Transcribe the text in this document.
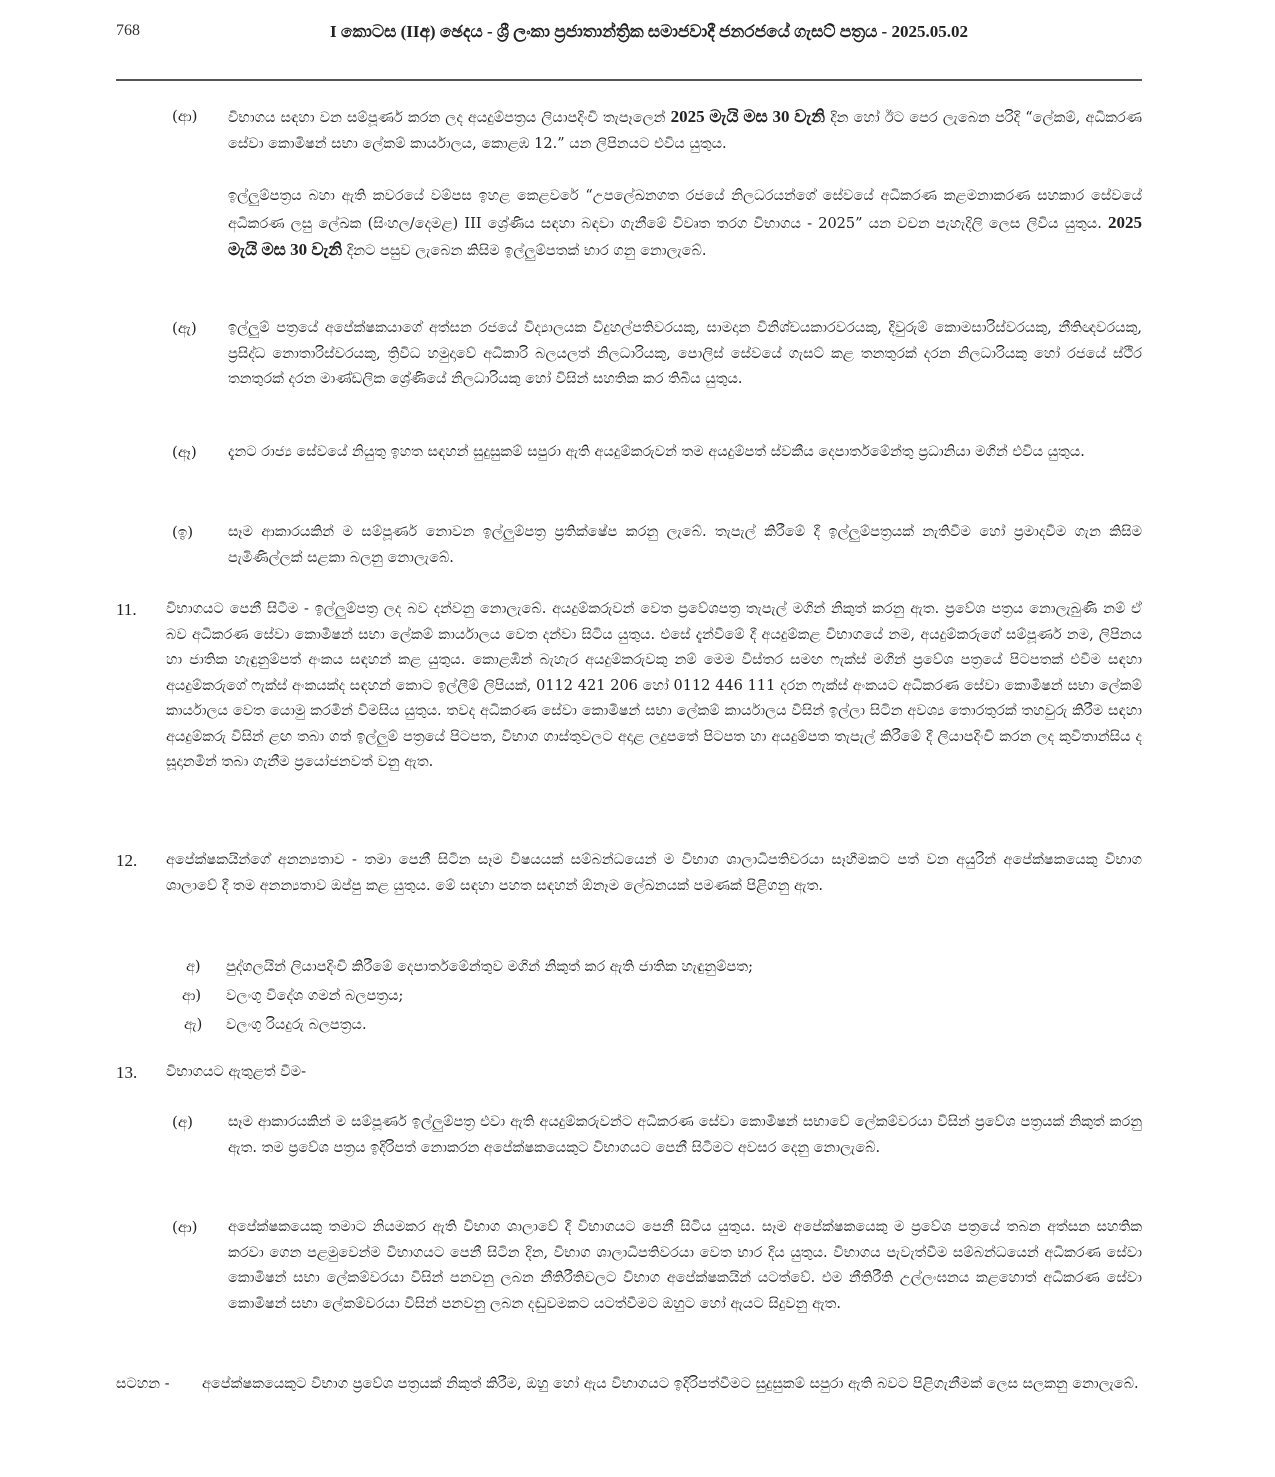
768	I කොටස (IIඅ) ඡෙදය - ශ්‍රී ලංකා ප්‍රජාතාන්ත්‍රික සමාජවාදී ජනරජයේ ගැසට් පත්‍රය - 2025.05.02
(ආ) විභාගය සඳහා වන සම්පූර්ණ කරන ලද අයදුම්පත්‍රය ලියාපදිංචි තැපෑලෙන් 2025 මැයි මස 30 වැනි දින හෝ ඊට පෙර ලැබෙන පරිදි “ලේකම්, අධිකරණ සේවා කොමිෂන් සභා ලේකම් කාර්යාලය, කොළඹ 12.” යන ලිපිනයට එවිය යුතුය.
ඉල්ලුම්පත්‍රය බහා ඇති කවරයේ වම්පස ඉහළ කෙළවරේ “උපලේඛනගත රජයේ නිලධරයන්ගේ සේවයේ අධිකරණ කළමනාකරණ සහකාර සේවයේ අධිකරණ ලසු ලේඛක (සිංහල/දෙමළ) III ශ්‍රේණිය සඳහා බඳවා ගැනීමේ විවෘත තරග විභාගය - 2025” යන වචන පැහැදිලි ලෙස ලිවිය යුතුය. 2025 මැයි මස 30 වැනි දිනට පසුව ලැබෙන කිසිම ඉල්ලුම්පතක් භාර ගනු නොලැබේ.
(ඇ) ඉල්ලුම් පත්‍රයේ අපේක්ෂකයාගේ අත්සන රජයේ විද්‍යාලයක විදුහල්පතිවරයකු, සාමදාන විනිශ්චයකාරවරයකු, දිවුරුම් කොමසාරිස්වරයකු, නීතිඥවරයකු, ප්‍රසිද්ධ නොතාරිස්වරයකු, ත්‍රිවිධ හමුදාවේ අධිකාරි බලයලත් නිලධාරියකු, පොලිස් සේවයේ ගැසට් කළ තනතුරක් දරන නිලධාරියකු හෝ රජයේ ස්ථිර තනතුරක් දරන මාණ්ඩලික ශ්‍රේණියේ නිලධාරියකු හෝ විසින් සහතික කර තිබිය යුතුය.
(ඈ) දැනට රාජ්‍ය සේවයේ නියුතු ඉහත සඳහන් සුදුසුකම් සපුරා ඇති අයදුම්කරුවන් තම අයදුම්පත් ස්වකීය දෙපාර්තමේන්තු ප්‍රධානියා මගින් එවිය යුතුය.
(ඉ) සෑම ආකාරයකින් ම සම්පූර්ණ නොවන ඉල්ලුම්පත්‍ර ප්‍රතික්ෂේප කරනු ලැබේ. තැපැල් කිරීමේ දී ඉල්ලුම්පත්‍රයක් නැතිවීම හෝ ප්‍රමාදවීම ගැන කිසිම පැමිණිල්ලක් සළකා බලනු නොලැබේ.
11. විභාගයට පෙනී සිටීම - ඉල්ලුම්පත්‍ර ලද බව දන්වනු නොලැබේ. අයදුම්කරුවන් වෙත ප්‍රවේශපත්‍ර තැපැල් මගින් නිකුත් කරනු ඇත. ප්‍රවේශ පත්‍රය නොලැබුණි නම් ඒ බව අධිකරණ සේවා කොමිෂන් සභා ලේකම් කාර්යාලය වෙත දන්වා සිටිය යුතුය. එසේ දැන්වීමේ දී අයදුම්කළ විභාගයේ නම, අයදුම්කරුගේ සම්පූර්ණ නම, ලිපිනය හා ජාතික හැඳුනුම්පත් අංකය සඳහන් කළ යුතුය. කොළඹින් බැහැර අයදුම්කරුවකු නම් මෙම විස්තර සමඟ ෆැක්ස් මගින් ප්‍රවේශ පත්‍රයේ පිටපතක් එවීම සඳහා අයදුම්කරුගේ ෆැක්ස් අංකයක්ද සඳහන් කොට ඉල්ලීම් ලිපියක්, 0112 421 206 හෝ 0112 446 111 දරන ෆැක්ස් අංකයට අධිකරණ සේවා කොමිෂන් සභා ලේකම් කාර්යාලය වෙත යොමු කරමින් විමසිය යුතුය. තවද අධිකරණ සේවා කොමිෂන් සභා ලේකම් කාර්යාලය විසින් ඉල්ලා සිටින අවශ්‍ය තොරතුරක් තහවුරු කිරීම සඳහා අයදුම්කරු විසින් ළඟ තබා ගත් ඉල්ලුම් පත්‍රයේ පිටපත, විභාග ගාස්තුවලට අදාළ ලදුපතේ පිටපත හා අයදුම්පත තැපැල් කිරීමේ දී ලියාපදිංචි කරන ලද කුවිතාන්සිය ද සූදානමින් තබා ගැනීම ප්‍රයෝජනවත් වනු ඇත.
12. අපේක්ෂකයින්ගේ අනන්‍යතාව - තමා පෙනී සිටින සෑම විෂයයක් සම්බන්ධයෙන් ම විභාග ශාලාධිපතිවරයා සෑහීමකට පත් වන අයුරින් අපේක්ෂකයෙකු විභාග ශාලාවේ දී තම අනන්‍යතාව ඔප්පු කළ යුතුය. මේ සඳහා පහත සඳහන් ඕනෑම ලේඛනයක් පමණක් පිළිගනු ඇත.
අ) පුද්ගලයින් ලියාපදිංචි කිරීමේ දෙපාර්තමේන්තුව මගින් නිකුත් කර ඇති ජාතික හැඳුනුම්පත;
ආ) වලංගු විදේශ ගමන් බලපත්‍රය;
ඇ) වලංගු රියදුරු බලපත්‍රය.
13. විභාගයට ඇතුළත් වීම-
(අ) සෑම ආකාරයකින් ම සම්පූර්ණ ඉල්ලුම්පත්‍ර එවා ඇති අයදුම්කරුවන්ට අධිකරණ සේවා කොමිෂන් සභාවේ ලේකම්වරයා විසින් ප්‍රවේශ පත්‍රයක් නිකුත් කරනු ඇත. තම ප්‍රවේශ පත්‍රය ඉදිරිපත් නොකරන අපේක්ෂකයෙකුට විභාගයට පෙනී සිටීමට අවසර දෙනු නොලැබේ.
(ආ) අපේක්ෂකයෙකු තමාට නියමකර ඇති විභාග ශාලාවේ දී විභාගයට පෙනී සිටිය යුතුය. සෑම අපේක්ෂකයෙකු ම ප්‍රවේශ පත්‍රයේ තබන අත්සන සහතික කරවා ගෙන පළමුවෙන්ම විභාගයට පෙනී සිටින දින, විභාග ශාලාධිපතිවරයා වෙත භාර දිය යුතුය. විභාගය පැවැත්වීම සම්බන්ධයෙන් අධිකරණ සේවා කොමිෂන් සභා ලේකම්වරයා විසින් පනවනු ලබන නීතිරීතිවලට විභාග අපේක්ෂකයින් යටත්වේ. එම නීතිරීති උල්ලංඝනය කළහොත් අධිකරණ සේවා කොමිෂන් සභා ලේකම්වරයා විසින් පනවනු ලබන දඬුවමකට යටත්වීමට ඔහුට හෝ ඇයට සිදුවනු ඇත.
සටහන - අපේක්ෂකයෙකුට විභාග ප්‍රවේශ පත්‍රයක් නිකුත් කිරීම, ඔහු හෝ ඇය විභාගයට ඉදිරිපත්වීමට සුදුසුකම් සපුරා ඇති බවට පිළිගැනීමක් ලෙස සලකනු නොලැබේ.
